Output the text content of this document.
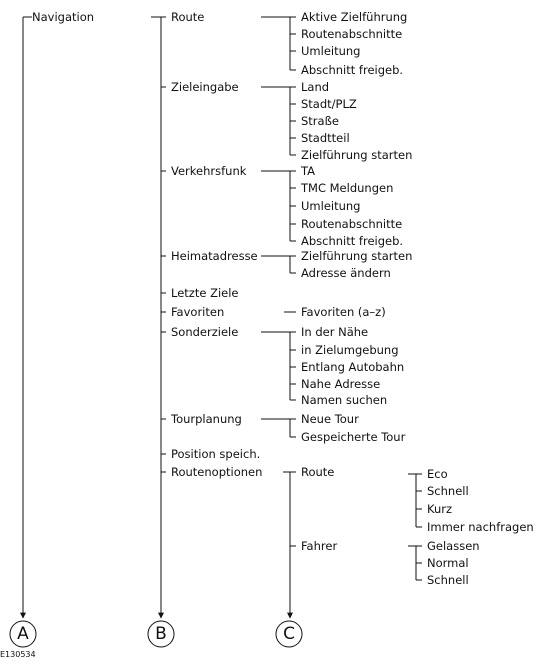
Navigation	Route
Zieleingabe
Verkehrsfunk
Heimatadresse
Letzte Ziele
Favoriten
Sonderziele
Tourplanung
Position speich.
Routenoptionen
Aktive Zielführung
Routenabschnitte
Umleitung
Abschnitt freigeb.
Land
Stadt/PLZ
Straße
Stadtteil
Zielführung starten
TA
TMC Meldungen
Umleitung
Routenabschnitte
Abschnitt freigeb.
Zielführung starten
Adresse ändern
Favoriten (a–z)
In der Nähe
in Zielumgebung
Entlang Autobahn
Nahe Adresse
Namen suchen
Neue Tour
Gespeicherte Tour
Route
Fahrer
Eco
Schnell
Kurz
Immer nachfragen
Gelassen
Normal
Schnell
A	B	C
E130534
